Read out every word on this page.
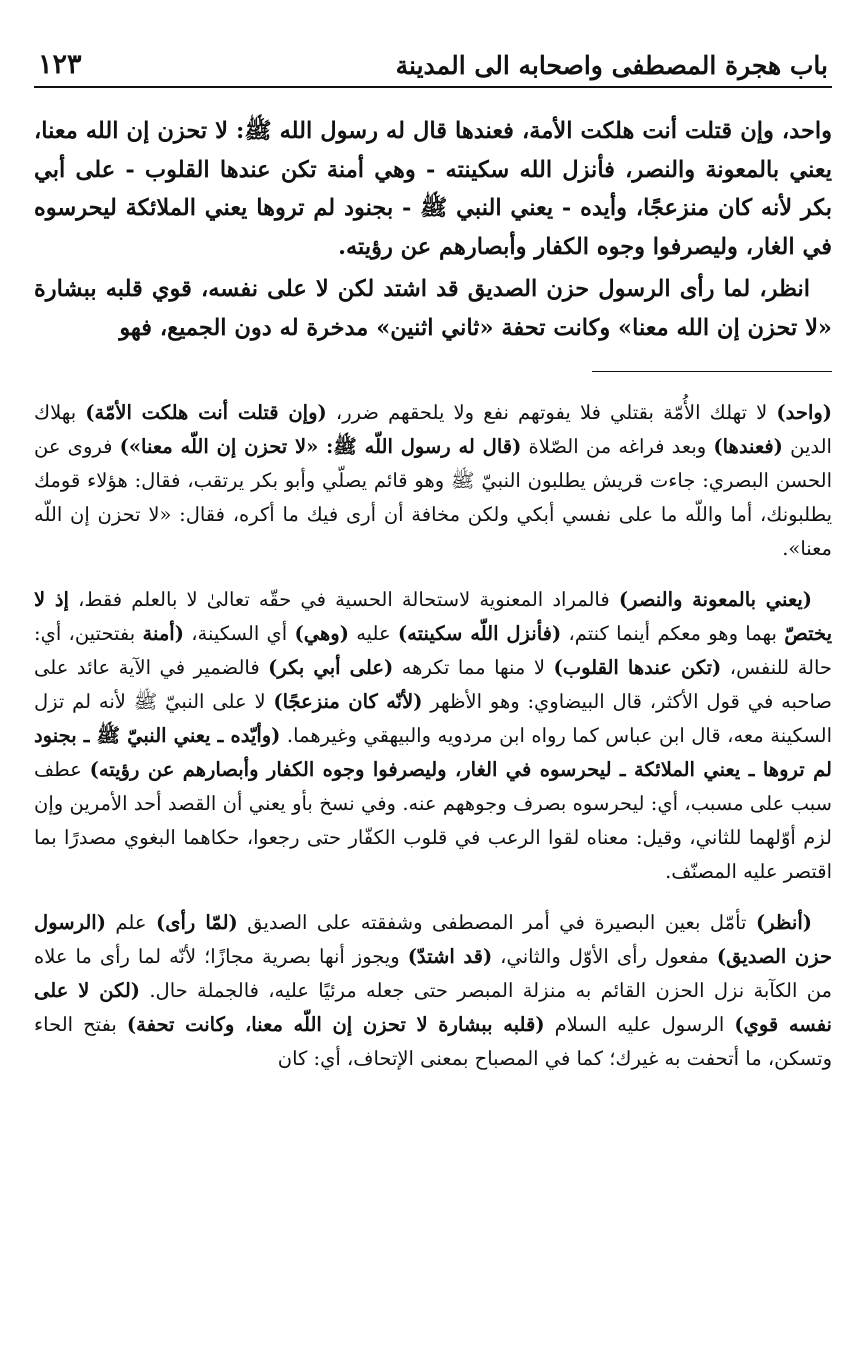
باب هجرة المصطفى واصحابه الى المدينة
١٢٣

واحد، وإن قتلت أنت هلكت الأمة، فعندها قال له رسول الله ﷺ: لا تحزن إن الله معنا، يعني بالمعونة والنصر، فأنزل الله سكينته - وهي أمنة تكن عندها القلوب - على أبي بكر لأنه كان منزعجًا، وأيده - يعني النبي ﷺ - بجنود لم تروها يعني الملائكة ليحرسوه في الغار، وليصرفوا وجوه الكفار وأبصارهم عن رؤيته.

انظر، لما رأى الرسول حزن الصديق قد اشتد لكن لا على نفسه، قوي قلبه ببشارة «لا تحزن إن الله معنا» وكانت تحفة «ثاني اثنين» مدخرة له دون الجميع، فهو

(واحد) لا تهلك الأُمّة بقتلي فلا يفوتهم نفع ولا يلحقهم ضرر، (وإن قتلت أنت هلكت الأمّة) بهلاك الدين (فعندها) وبعد فراغه من الصّلاة (قال له رسول اللّه ﷺ: «لا تحزن إن اللّه معنا») فروى عن الحسن البصري: جاءت قريش يطلبون النبيّ ﷺ وهو قائم يصلّي وأبو بكر يرتقب، فقال: هؤلاء قومك يطلبونك، أما واللّه ما على نفسي أبكي ولكن مخافة أن أرى فيك ما أكره، فقال: «لا تحزن إن اللّه معنا».

(يعني بالمعونة والنصر) فالمراد المعنوية لاستحالة الحسية في حقّه تعالىٰ لا بالعلم فقط، إذ لا يختصّ بهما وهو معكم أينما كنتم، (فأنزل اللّه سكينته) عليه (وهي) أي السكينة، (أمنة بفتحتين، أي: حالة للنفس، (تكن عندها القلوب) لا منها مما تكرهه (على أبي بكر) فالضمير في الآية عائد على صاحبه في قول الأكثر، قال البيضاوي: وهو الأظهر (لأنّه كان منزعجًا) لا على النبيّ ﷺ لأنه لم تزل السكينة معه، قال ابن عباس كما رواه ابن مردويه والبيهقي وغيرهما. (وأيّده ـ يعني النبيّ ﷺ ـ بجنود لم تروها ـ يعني الملائكة ـ ليحرسوه في الغار، وليصرفوا وجوه الكفار وأبصارهم عن رؤيته) عطف سبب على مسبب، أي: ليحرسوه بصرف وجوههم عنه. وفي نسخ بأو يعني أن القصد أحد الأمرين وإن لزم أوّلهما للثاني، وقيل: معناه لقوا الرعب في قلوب الكفّار حتى رجعوا، حكاهما البغوي مصدرًا بما اقتصر عليه المصنّف.

(أنظر) تأمّل بعين البصيرة في أمر المصطفى وشفقته على الصديق (لمّا رأى) علم (الرسول حزن الصديق) مفعول رأى الأوّل والثاني، (قد اشتدّ) ويجوز أنها بصرية مجازًا؛ لأنّه لما رأى ما علاه من الكآبة نزل الحزن القائم به منزلة المبصر حتى جعله مرئيًا عليه، فالجملة حال. (لكن لا على نفسه قوي) الرسول عليه السلام (قلبه ببشارة لا تحزن إن اللّه معنا، وكانت تحفة) بفتح الحاء وتسكن، ما أتحفت به غيرك؛ كما في المصباح بمعنى الإتحاف، أي: كان
